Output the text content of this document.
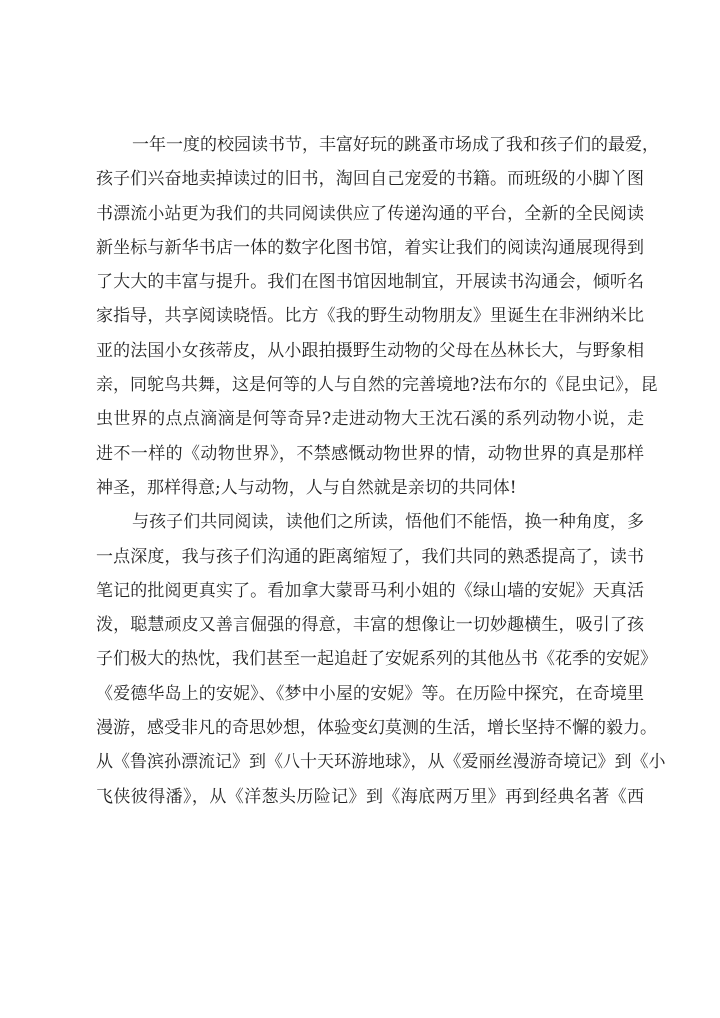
一年一度的校园读书节，丰富好玩的跳蚤市场成了我和孩子们的最爱，
孩子们兴奋地卖掉读过的旧书，淘回自己宠爱的书籍。而班级的小脚丫图
书漂流小站更为我们的共同阅读供应了传递沟通的平台，全新的全民阅读
新坐标与新华书店一体的数字化图书馆，着实让我们的阅读沟通展现得到
了大大的丰富与提升。我们在图书馆因地制宜，开展读书沟通会，倾听名
家指导，共享阅读晓悟。比方《我的野生动物朋友》里诞生在非洲纳米比
亚的法国小女孩蒂皮，从小跟拍摄野生动物的父母在丛林长大，与野象相
亲，同鸵鸟共舞，这是何等的人与自然的完善境地?法布尔的《昆虫记》，昆
虫世界的点点滴滴是何等奇异?走进动物大王沈石溪的系列动物小说，走
进不一样的《动物世界》，不禁感慨动物世界的情，动物世界的真是那样
神圣，那样得意;人与动物，人与自然就是亲切的共同体!
与孩子们共同阅读，读他们之所读，悟他们不能悟，换一种角度，多
一点深度，我与孩子们沟通的距离缩短了，我们共同的熟悉提高了，读书
笔记的批阅更真实了。看加拿大蒙哥马利小姐的《绿山墙的安妮》天真活
泼，聪慧顽皮又善言倔强的得意，丰富的想像让一切妙趣横生，吸引了孩
子们极大的热忱，我们甚至一起追赶了安妮系列的其他丛书《花季的安妮》
《爱德华岛上的安妮》、《梦中小屋的安妮》等。在历险中探究，在奇境里
漫游，感受非凡的奇思妙想，体验变幻莫测的生活，增长坚持不懈的毅力。
从《鲁滨孙漂流记》到《八十天环游地球》，从《爱丽丝漫游奇境记》到《小
飞侠彼得潘》，从《洋葱头历险记》到《海底两万里》再到经典名著《西
